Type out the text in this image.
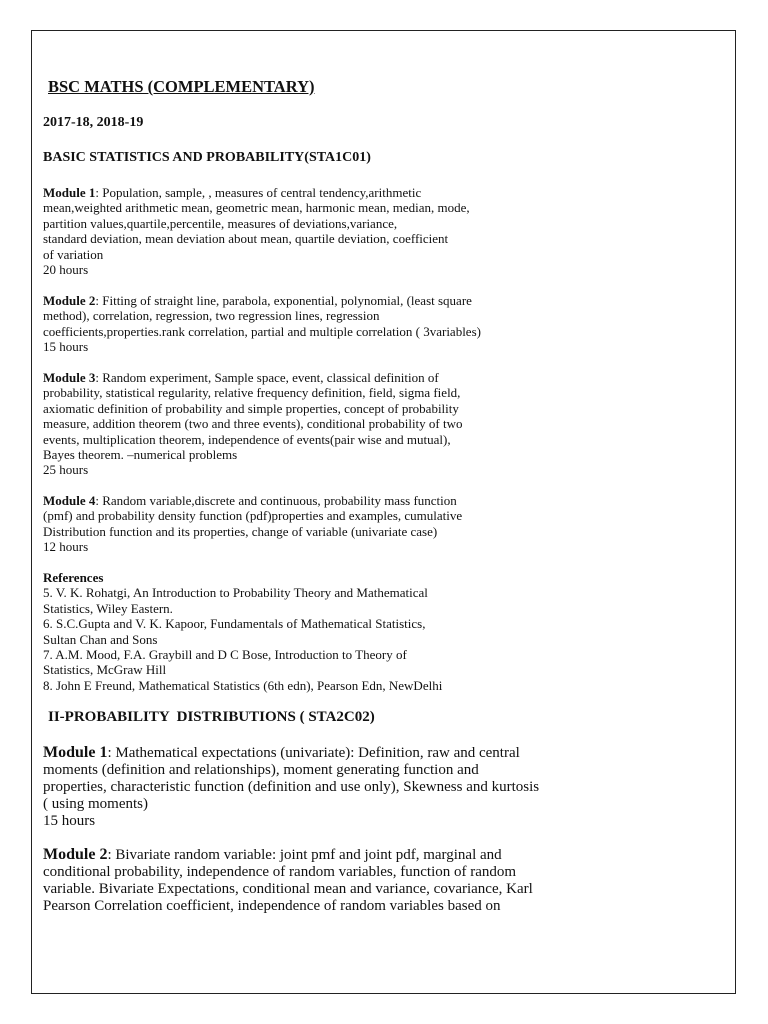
BSC MATHS (COMPLEMENTARY)

2017-18, 2018-19

BASIC STATISTICS AND PROBABILITY(STA1C01)

Module 1: Population, sample, , measures of central tendency,arithmetic
mean,weighted arithmetic mean, geometric mean, harmonic mean, median, mode,
partition values,quartile,percentile, measures of deviations,variance,
standard deviation, mean deviation about mean, quartile deviation, coefficient
of variation
20 hours

Module 2: Fitting of straight line, parabola, exponential, polynomial, (least square
method), correlation, regression, two regression lines, regression
coefficients,properties.rank correlation, partial and multiple correlation ( 3variables)
15 hours

Module 3: Random experiment, Sample space, event, classical definition of
probability, statistical regularity, relative frequency definition, field, sigma field,
axiomatic definition of probability and simple properties, concept of probability
measure, addition theorem (two and three events), conditional probability of two
events, multiplication theorem, independence of events(pair wise and mutual),
Bayes theorem. –numerical problems
25 hours

Module 4: Random variable,discrete and continuous, probability mass function
(pmf) and probability density function (pdf)properties and examples, cumulative
Distribution function and its properties, change of variable (univariate case)
12 hours

References
5. V. K. Rohatgi, An Introduction to Probability Theory and Mathematical
Statistics, Wiley Eastern.
6. S.C.Gupta and V. K. Kapoor, Fundamentals of Mathematical Statistics,
Sultan Chan and Sons
7. A.M. Mood, F.A. Graybill and D C Bose, Introduction to Theory of
Statistics, McGraw Hill
8. John E Freund, Mathematical Statistics (6th edn), Pearson Edn, NewDelhi

II-PROBABILITY  DISTRIBUTIONS ( STA2C02)

Module 1: Mathematical expectations (univariate): Definition, raw and central
moments (definition and relationships), moment generating function and
properties, characteristic function (definition and use only), Skewness and kurtosis
( using moments)
15 hours

Module 2: Bivariate random variable: joint pmf and joint pdf, marginal and
conditional probability, independence of random variables, function of random
variable. Bivariate Expectations, conditional mean and variance, covariance, Karl
Pearson Correlation coefficient, independence of random variables based on
